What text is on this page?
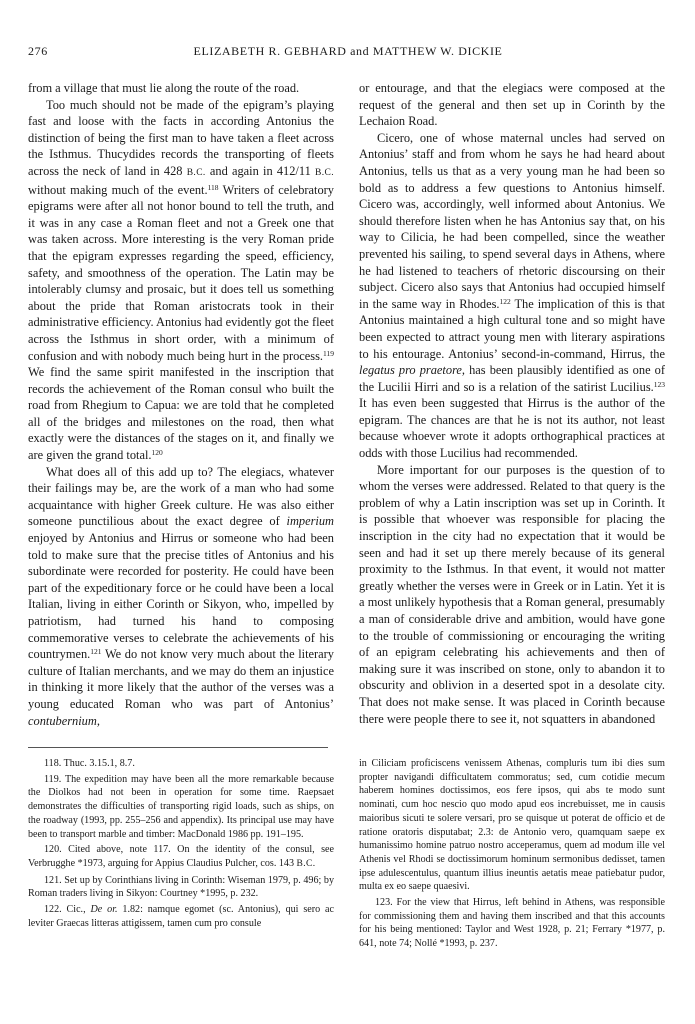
276	ELIZABETH R. GEBHARD and MATTHEW W. DICKIE

from a village that must lie along the route of the road.

Too much should not be made of the epigram’s playing fast and loose with the facts in according Antonius the distinction of being the first man to have taken a fleet across the Isthmus. Thucydides records the transporting of fleets across the neck of land in 428 B.C. and again in 412/11 B.C. without making much of the event.$^{118}$ Writers of celebratory epigrams were after all not honor bound to tell the truth, and it was in any case a Roman fleet and not a Greek one that was taken across. More interesting is the very Roman pride that the epigram expresses regarding the speed, efficiency, safety, and smoothness of the operation. The Latin may be intolerably clumsy and prosaic, but it does tell us something about the pride that Roman aristocrats took in their administrative efficiency. Antonius had evidently got the fleet across the Isthmus in short order, with a minimum of confusion and with nobody much being hurt in the process.$^{119}$ We find the same spirit manifested in the inscription that records the achievement of the Roman consul who built the road from Rhegium to Capua: we are told that he completed all of the bridges and milestones on the road, then what exactly were the distances of the stages on it, and finally we are given the grand total.$^{120}$

What does all of this add up to? The elegiacs, whatever their failings may be, are the work of a man who had some acquaintance with higher Greek culture. He was also either someone punctilious about the exact degree of imperium enjoyed by Antonius and Hirrus or someone who had been told to make sure that the precise titles of Antonius and his subordinate were recorded for posterity. He could have been part of the expeditionary force or he could have been a local Italian, living in either Corinth or Sikyon, who, impelled by patriotism, had turned his hand to composing commemorative verses to celebrate the achievements of his countrymen.$^{121}$ We do not know very much about the literary culture of Italian merchants, and we may do them an injustice in thinking it more likely that the author of the verses was a young educated Roman who was part of Antonius’ contubernium,

or entourage, and that the elegiacs were composed at the request of the general and then set up in Corinth by the Lechaion Road.

Cicero, one of whose maternal uncles had served on Antonius’ staff and from whom he says he had heard about Antonius, tells us that as a very young man he had been so bold as to address a few questions to Antonius himself. Cicero was, accordingly, well informed about Antonius. We should therefore listen when he has Antonius say that, on his way to Cilicia, he had been compelled, since the weather prevented his sailing, to spend several days in Athens, where he had listened to teachers of rhetoric discoursing on their subject. Cicero also says that Antonius had occupied himself in the same way in Rhodes.$^{122}$ The implication of this is that Antonius maintained a high cultural tone and so might have been expected to attract young men with literary aspirations to his entourage. Antonius’ second-in-command, Hirrus, the legatus pro praetore, has been plausibly identified as one of the Lucilii Hirri and so is a relation of the satirist Lucilius.$^{123}$ It has even been suggested that Hirrus is the author of the epigram. The chances are that he is not its author, not least because whoever wrote it adopts orthographical practices at odds with those Lucilius had recommended.

More important for our purposes is the question of to whom the verses were addressed. Related to that query is the problem of why a Latin inscription was set up in Corinth. It is possible that whoever was responsible for placing the inscription in the city had no expectation that it would be seen and had it set up there merely because of its general proximity to the Isthmus. In that event, it would not matter greatly whether the verses were in Greek or in Latin. Yet it is a most unlikely hypothesis that a Roman general, presumably a man of considerable drive and ambition, would have gone to the trouble of commissioning or encouraging the writing of an epigram celebrating his achievements and then of making sure it was inscribed on stone, only to abandon it to obscurity and oblivion in a deserted spot in a desolate city. That does not make sense. It was placed in Corinth because there were people there to see it, not squatters in abandoned

118. Thuc. 3.15.1, 8.7.

119. The expedition may have been all the more remarkable because the Diolkos had not been in operation for some time. Raepsaet demonstrates the difficulties of transporting rigid loads, such as ships, on the roadway (1993, pp. 255–256 and appendix). Its principal use may have been to transport marble and timber: MacDonald 1986 pp. 191–195.

120. Cited above, note 117. On the identity of the consul, see Verbrugghe *1973, arguing for Appius Claudius Pulcher, cos. 143 B.C.

121. Set up by Corinthians living in Corinth: Wiseman 1979, p. 496; by Roman traders living in Sikyon: Courtney *1995, p. 232.

122. Cic., De or. 1.82: namque egomet (sc. Antonius), qui sero ac leviter Graecas litteras attigissem, tamen cum pro consule

in Ciliciam proficiscens venissem Athenas, compluris tum ibi dies sum propter navigandi difficultatem commoratus; sed, cum cotidie mecum haberem homines doctissimos, eos fere ipsos, qui abs te modo sunt nominati, cum hoc nescio quo modo apud eos increbuisset, me in causis maioribus sicuti te solere versari, pro se quisque ut poterat de officio et de ratione oratoris disputabat; 2.3: de Antonio vero, quamquam saepe ex humanissimo homine patruo nostro acceperamus, quem ad modum ille vel Athenis vel Rhodi se doctissimorum hominum sermonibus dedisset, tamen ipse adulescentulus, quantum illius ineuntis aetatis meae patiebatur pudor, multa ex eo saepe quaesivi.

123. For the view that Hirrus, left behind in Athens, was responsible for commissioning them and having them inscribed and that this accounts for his being mentioned: Taylor and West 1928, p. 21; Ferrary *1977, p. 641, note 74; Nollé *1993, p. 237.
